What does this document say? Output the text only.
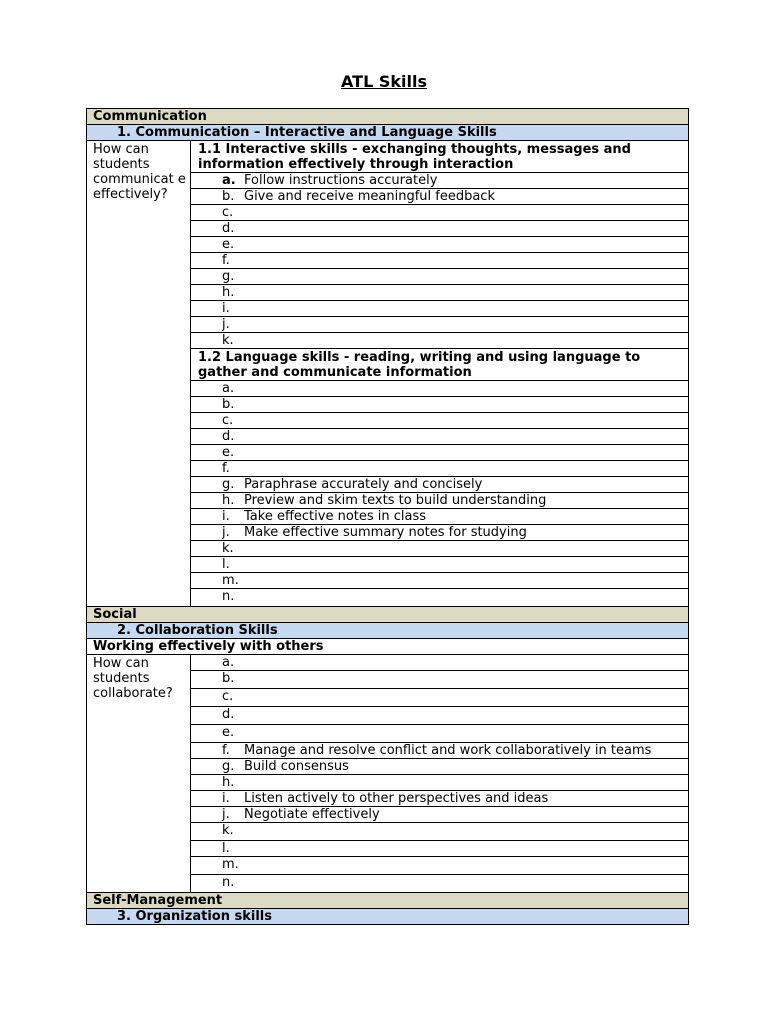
ATL Skills
Communication	
1. Communication – Interactive and Language Skills	
How can students communicat e effectively?	1.1 Interactive skills - exchanging thoughts, messages and information effectively through interaction

	a. Follow instructions accurately

	b. Give and receive meaningful feedback

	c.

	d.

	e.

	f.

	g.

	h.

	i.

	j.

	k.

	1.2 Language skills - reading, writing and using language to gather and communicate information

	a.

	b.

	c.

	d.

	e.

	f.

	g. Paraphrase accurately and concisely

	h. Preview and skim texts to build understanding

	i. Take effective notes in class

	j. Make effective summary notes for studying

	k.

	l.

	m.

	n.

Social	
2. Collaboration Skills	
Working effectively with others	
How can students collaborate?	a.

	b.

	c.

	d.

	e.

	f. Manage and resolve conflict and work collaboratively in teams

	g. Build consensus

	h.

	i. Listen actively to other perspectives and ideas

	j. Negotiate effectively

	k.

	l.

	m.

	n.

Self-Management	
3. Organization skills	
